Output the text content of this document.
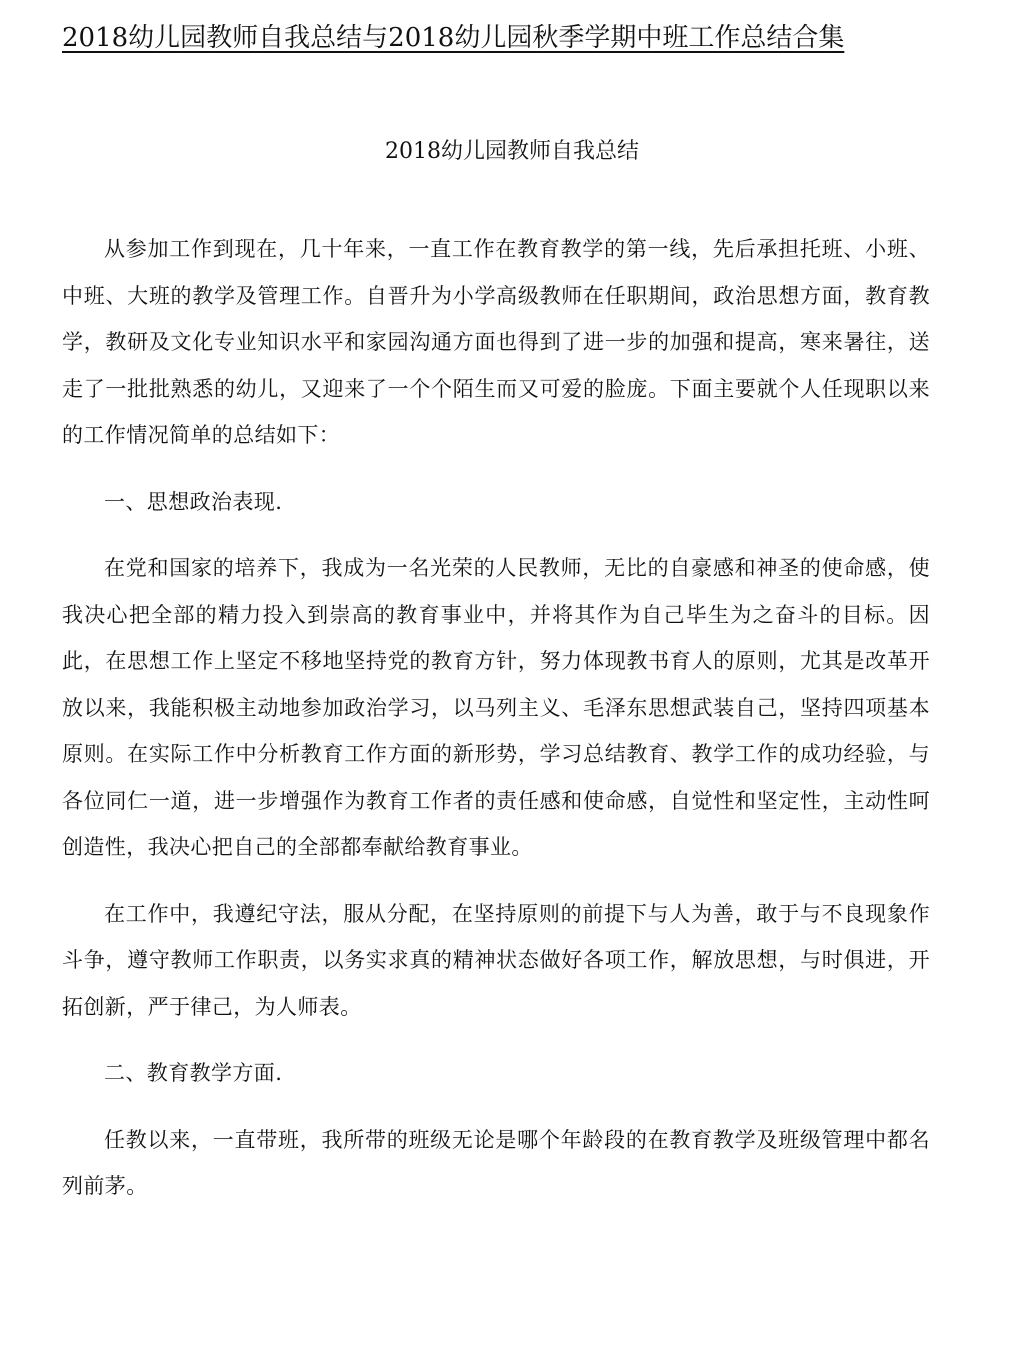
2018幼儿园教师自我总结与2018幼儿园秋季学期中班工作总结合集
2018幼儿园教师自我总结

从参加工作到现在，几十年来，一直工作在教育教学的第一线，先后承担托班、小班、中班、大班的教学及管理工作。自晋升为小学高级教师在任职期间，政治思想方面，教育教学，教研及文化专业知识水平和家园沟通方面也得到了进一步的加强和提高，寒来暑往，送走了一批批熟悉的幼儿，又迎来了一个个陌生而又可爱的脸庞。下面主要就个人任现职以来的工作情况简单的总结如下：

一、思想政治表现.

在党和国家的培养下，我成为一名光荣的人民教师，无比的自豪感和神圣的使命感，使我决心把全部的精力投入到崇高的教育事业中，并将其作为自己毕生为之奋斗的目标。因此，在思想工作上坚定不移地坚持党的教育方针，努力体现教书育人的原则，尤其是改革开放以来，我能积极主动地参加政治学习，以马列主义、毛泽东思想武装自己，坚持四项基本原则。在实际工作中分析教育工作方面的新形势，学习总结教育、教学工作的成功经验，与各位同仁一道，进一步增强作为教育工作者的责任感和使命感，自觉性和坚定性，主动性呵创造性，我决心把自己的全部都奉献给教育事业。

在工作中，我遵纪守法，服从分配，在坚持原则的前提下与人为善，敢于与不良现象作斗争，遵守教师工作职责，以务实求真的精神状态做好各项工作，解放思想，与时俱进，开拓创新，严于律己，为人师表。

二、教育教学方面.

任教以来，一直带班，我所带的班级无论是哪个年龄段的在教育教学及班级管理中都名列前茅。
